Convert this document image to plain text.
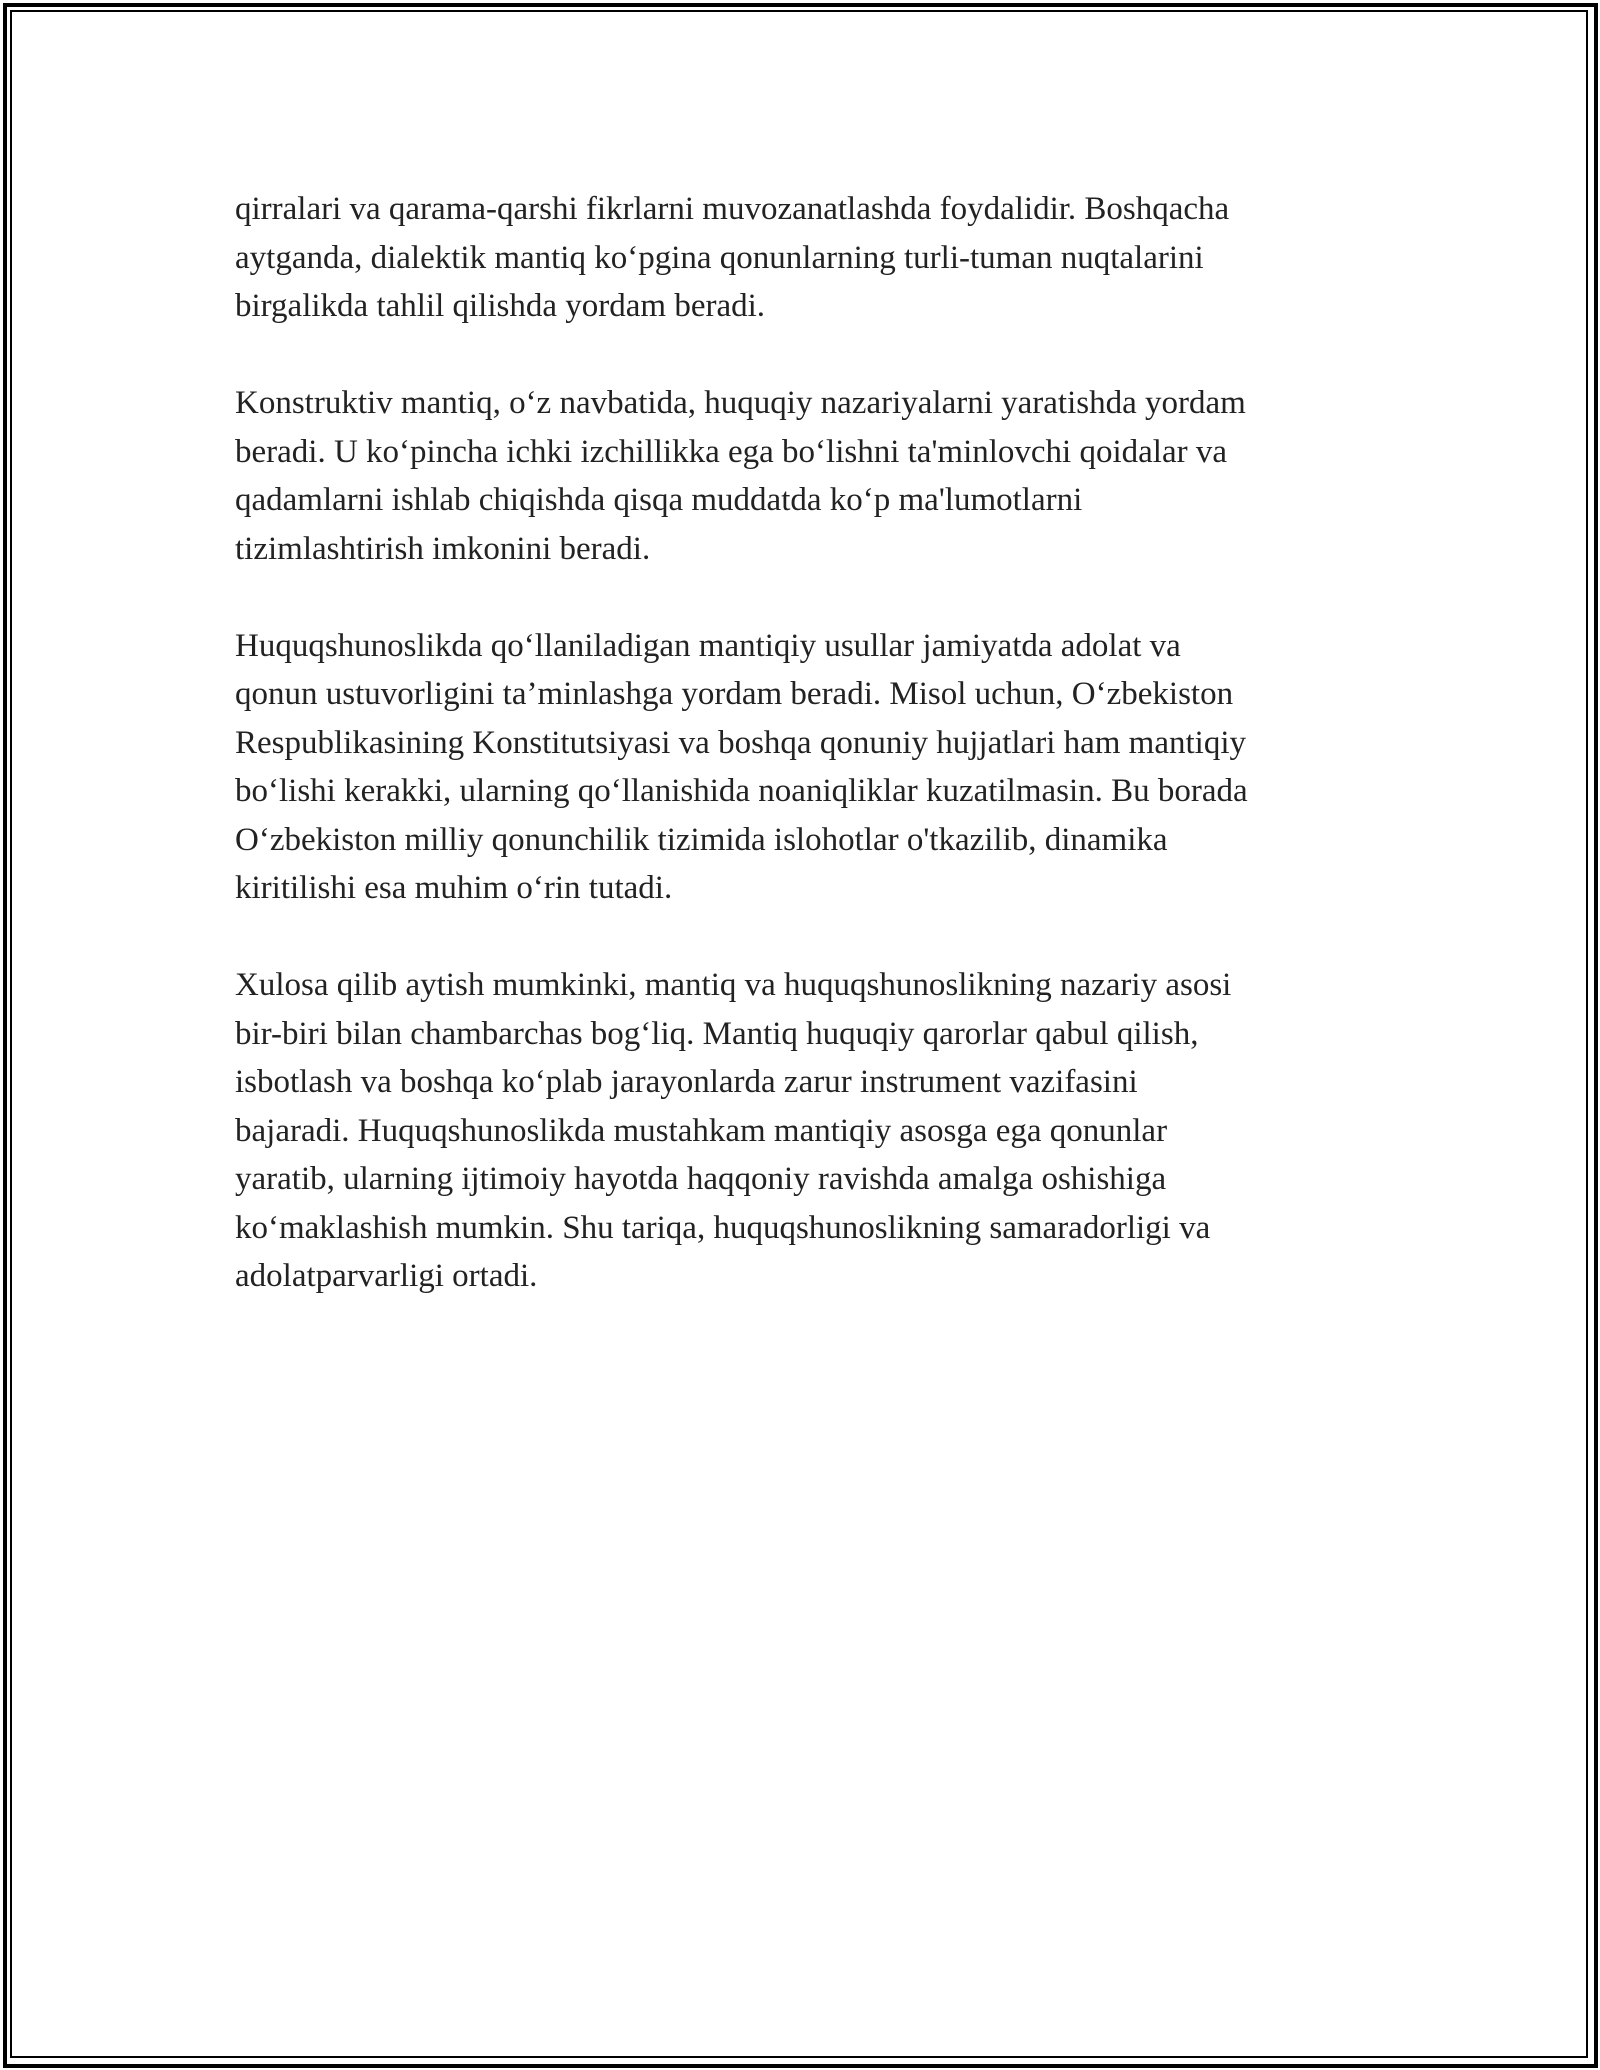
qirralari va qarama-qarshi fikrlarni muvozanatlashda foydalidir. Boshqacha
aytganda, dialektik mantiq ko‘pgina qonunlarning turli-tuman nuqtalarini
birgalikda tahlil qilishda yordam beradi.

Konstruktiv mantiq, o‘z navbatida, huquqiy nazariyalarni yaratishda yordam
beradi. U ko‘pincha ichki izchillikka ega bo‘lishni ta'minlovchi qoidalar va
qadamlarni ishlab chiqishda qisqa muddatda ko‘p ma'lumotlarni
tizimlashtirish imkonini beradi.

Huquqshunoslikda qo‘llaniladigan mantiqiy usullar jamiyatda adolat va
qonun ustuvorligini ta’minlashga yordam beradi. Misol uchun, O‘zbekiston
Respublikasining Konstitutsiyasi va boshqa qonuniy hujjatlari ham mantiqiy
bo‘lishi kerakki, ularning qo‘llanishida noaniqliklar kuzatilmasin. Bu borada
O‘zbekiston milliy qonunchilik tizimida islohotlar o'tkazilib, dinamika
kiritilishi esa muhim o‘rin tutadi.

Xulosa qilib aytish mumkinki, mantiq va huquqshunoslikning nazariy asosi
bir-biri bilan chambarchas bog‘liq. Mantiq huquqiy qarorlar qabul qilish,
isbotlash va boshqa ko‘plab jarayonlarda zarur instrument vazifasini
bajaradi. Huquqshunoslikda mustahkam mantiqiy asosga ega qonunlar
yaratib, ularning ijtimoiy hayotda haqqoniy ravishda amalga oshishiga
ko‘maklashish mumkin. Shu tariqa, huquqshunoslikning samaradorligi va
adolatparvarligi ortadi.
